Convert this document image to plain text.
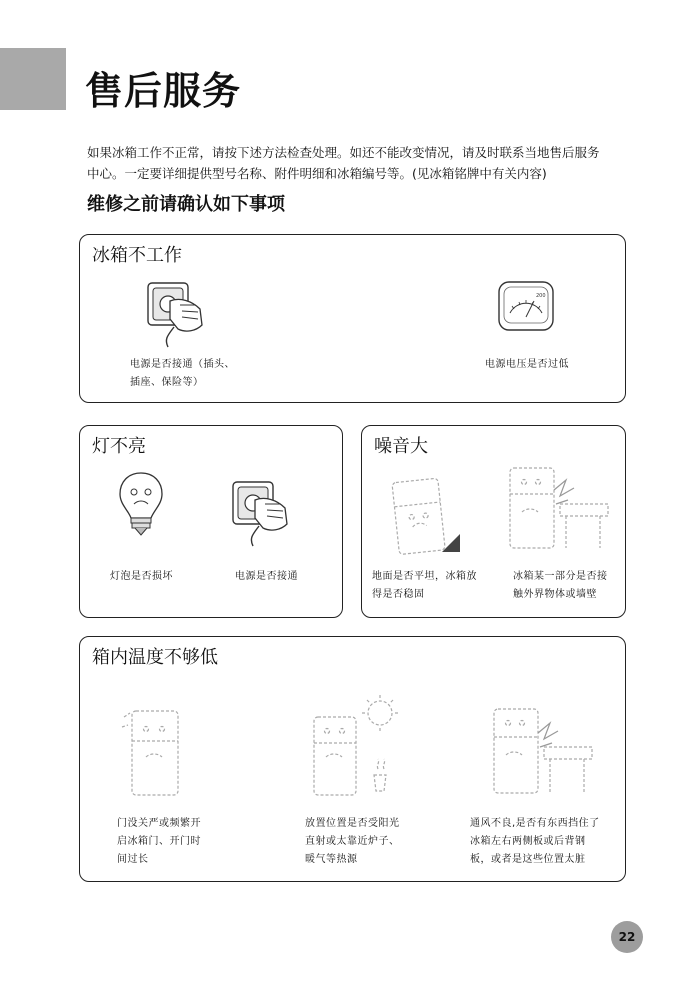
售后服务
如果冰箱工作不正常，请按下述方法检查处理。如还不能改变情况，请及时联系当地售后服务
中心。一定要详细提供型号名称、附件明细和冰箱编号等。(见冰箱铭牌中有关内容)
维修之前请确认如下事项
冰箱不工作
200
电源是否接通（插头、
插座、保险等）
电源电压是否过低
灯不亮
灯泡是否损坏	电源是否接通
噪音大
地面是否平坦，冰箱放
得是否稳固
冰箱某一部分是否接
触外界物体或墙壁
箱内温度不够低
门没关严或频繁开
启冰箱门、开门时
间过长
放置位置是否受阳光
直射或太靠近炉子、
暖气等热源
通风不良,是否有东西挡住了
冰箱左右两侧板或后背钢
板，或者是这些位置太脏
22
